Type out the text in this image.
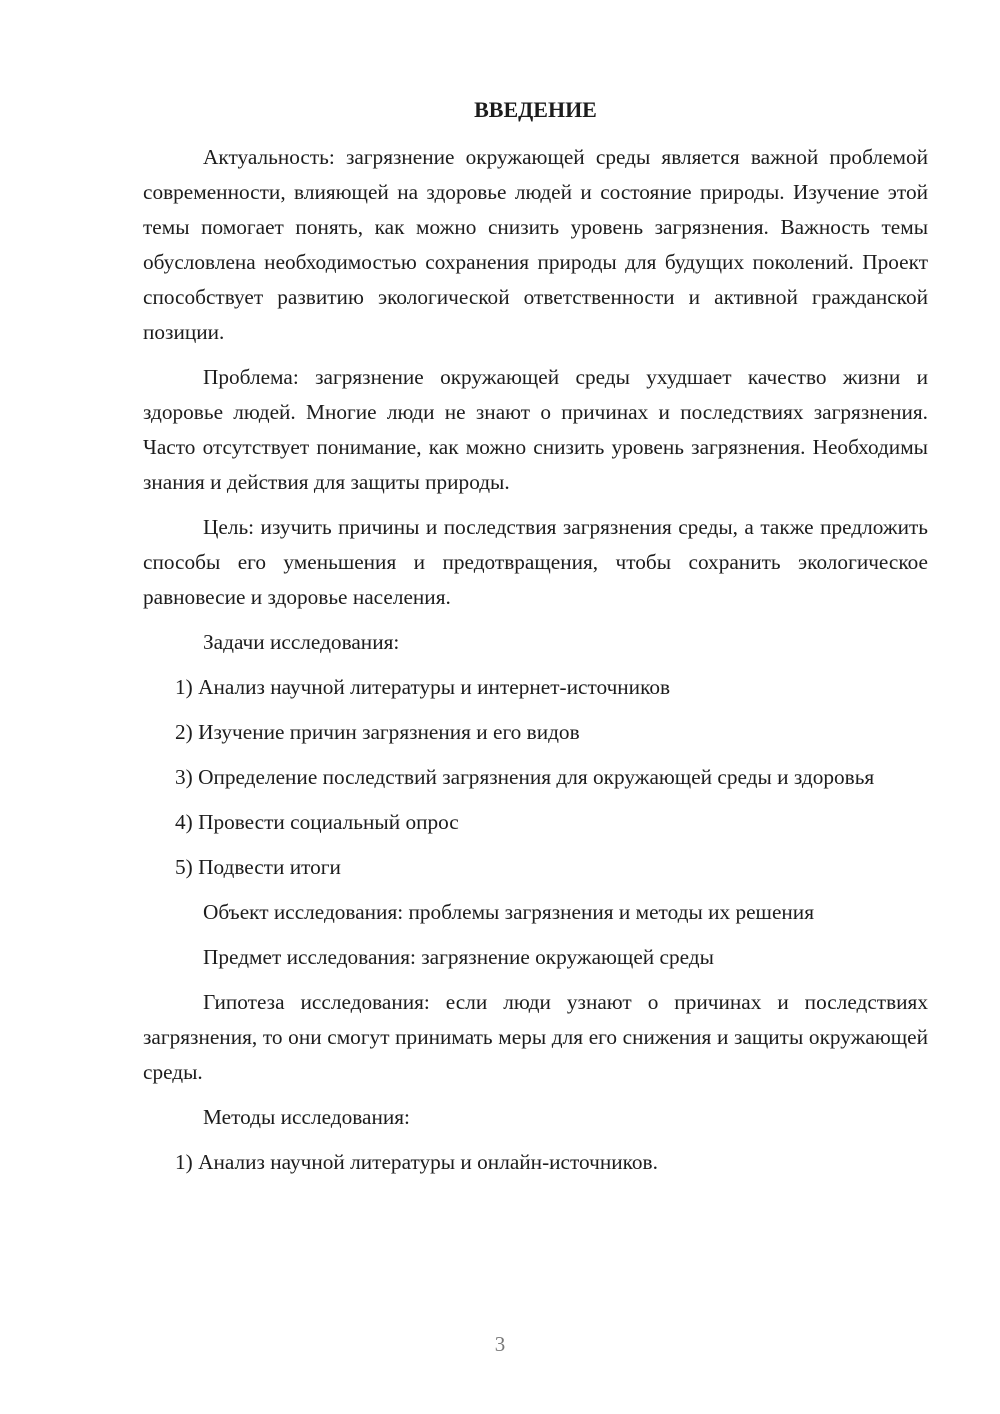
ВВЕДЕНИЕ

Актуальность: загрязнение окружающей среды является важной проблемой современности, влияющей на здоровье людей и состояние природы. Изучение этой темы помогает понять, как можно снизить уровень загрязнения. Важность темы обусловлена необходимостью сохранения природы для будущих поколений. Проект способствует развитию экологической ответственности и активной гражданской позиции.

Проблема: загрязнение окружающей среды ухудшает качество жизни и здоровье людей. Многие люди не знают о причинах и последствиях загрязнения. Часто отсутствует понимание, как можно снизить уровень загрязнения. Необходимы знания и действия для защиты природы.

Цель: изучить причины и последствия загрязнения среды, а также предложить способы его уменьшения и предотвращения, чтобы сохранить экологическое равновесие и здоровье населения.

Задачи исследования:

1) Анализ научной литературы и интернет-источников

2) Изучение причин загрязнения и его видов

3) Определение последствий загрязнения для окружающей среды и здоровья

4) Провести социальный опрос

5) Подвести итоги

Объект исследования: проблемы загрязнения и методы их решения

Предмет исследования: загрязнение окружающей среды

Гипотеза исследования: если люди узнают о причинах и последствиях загрязнения, то они смогут принимать меры для его снижения и защиты окружающей среды.

Методы исследования:

1) Анализ научной литературы и онлайн-источников.

3
